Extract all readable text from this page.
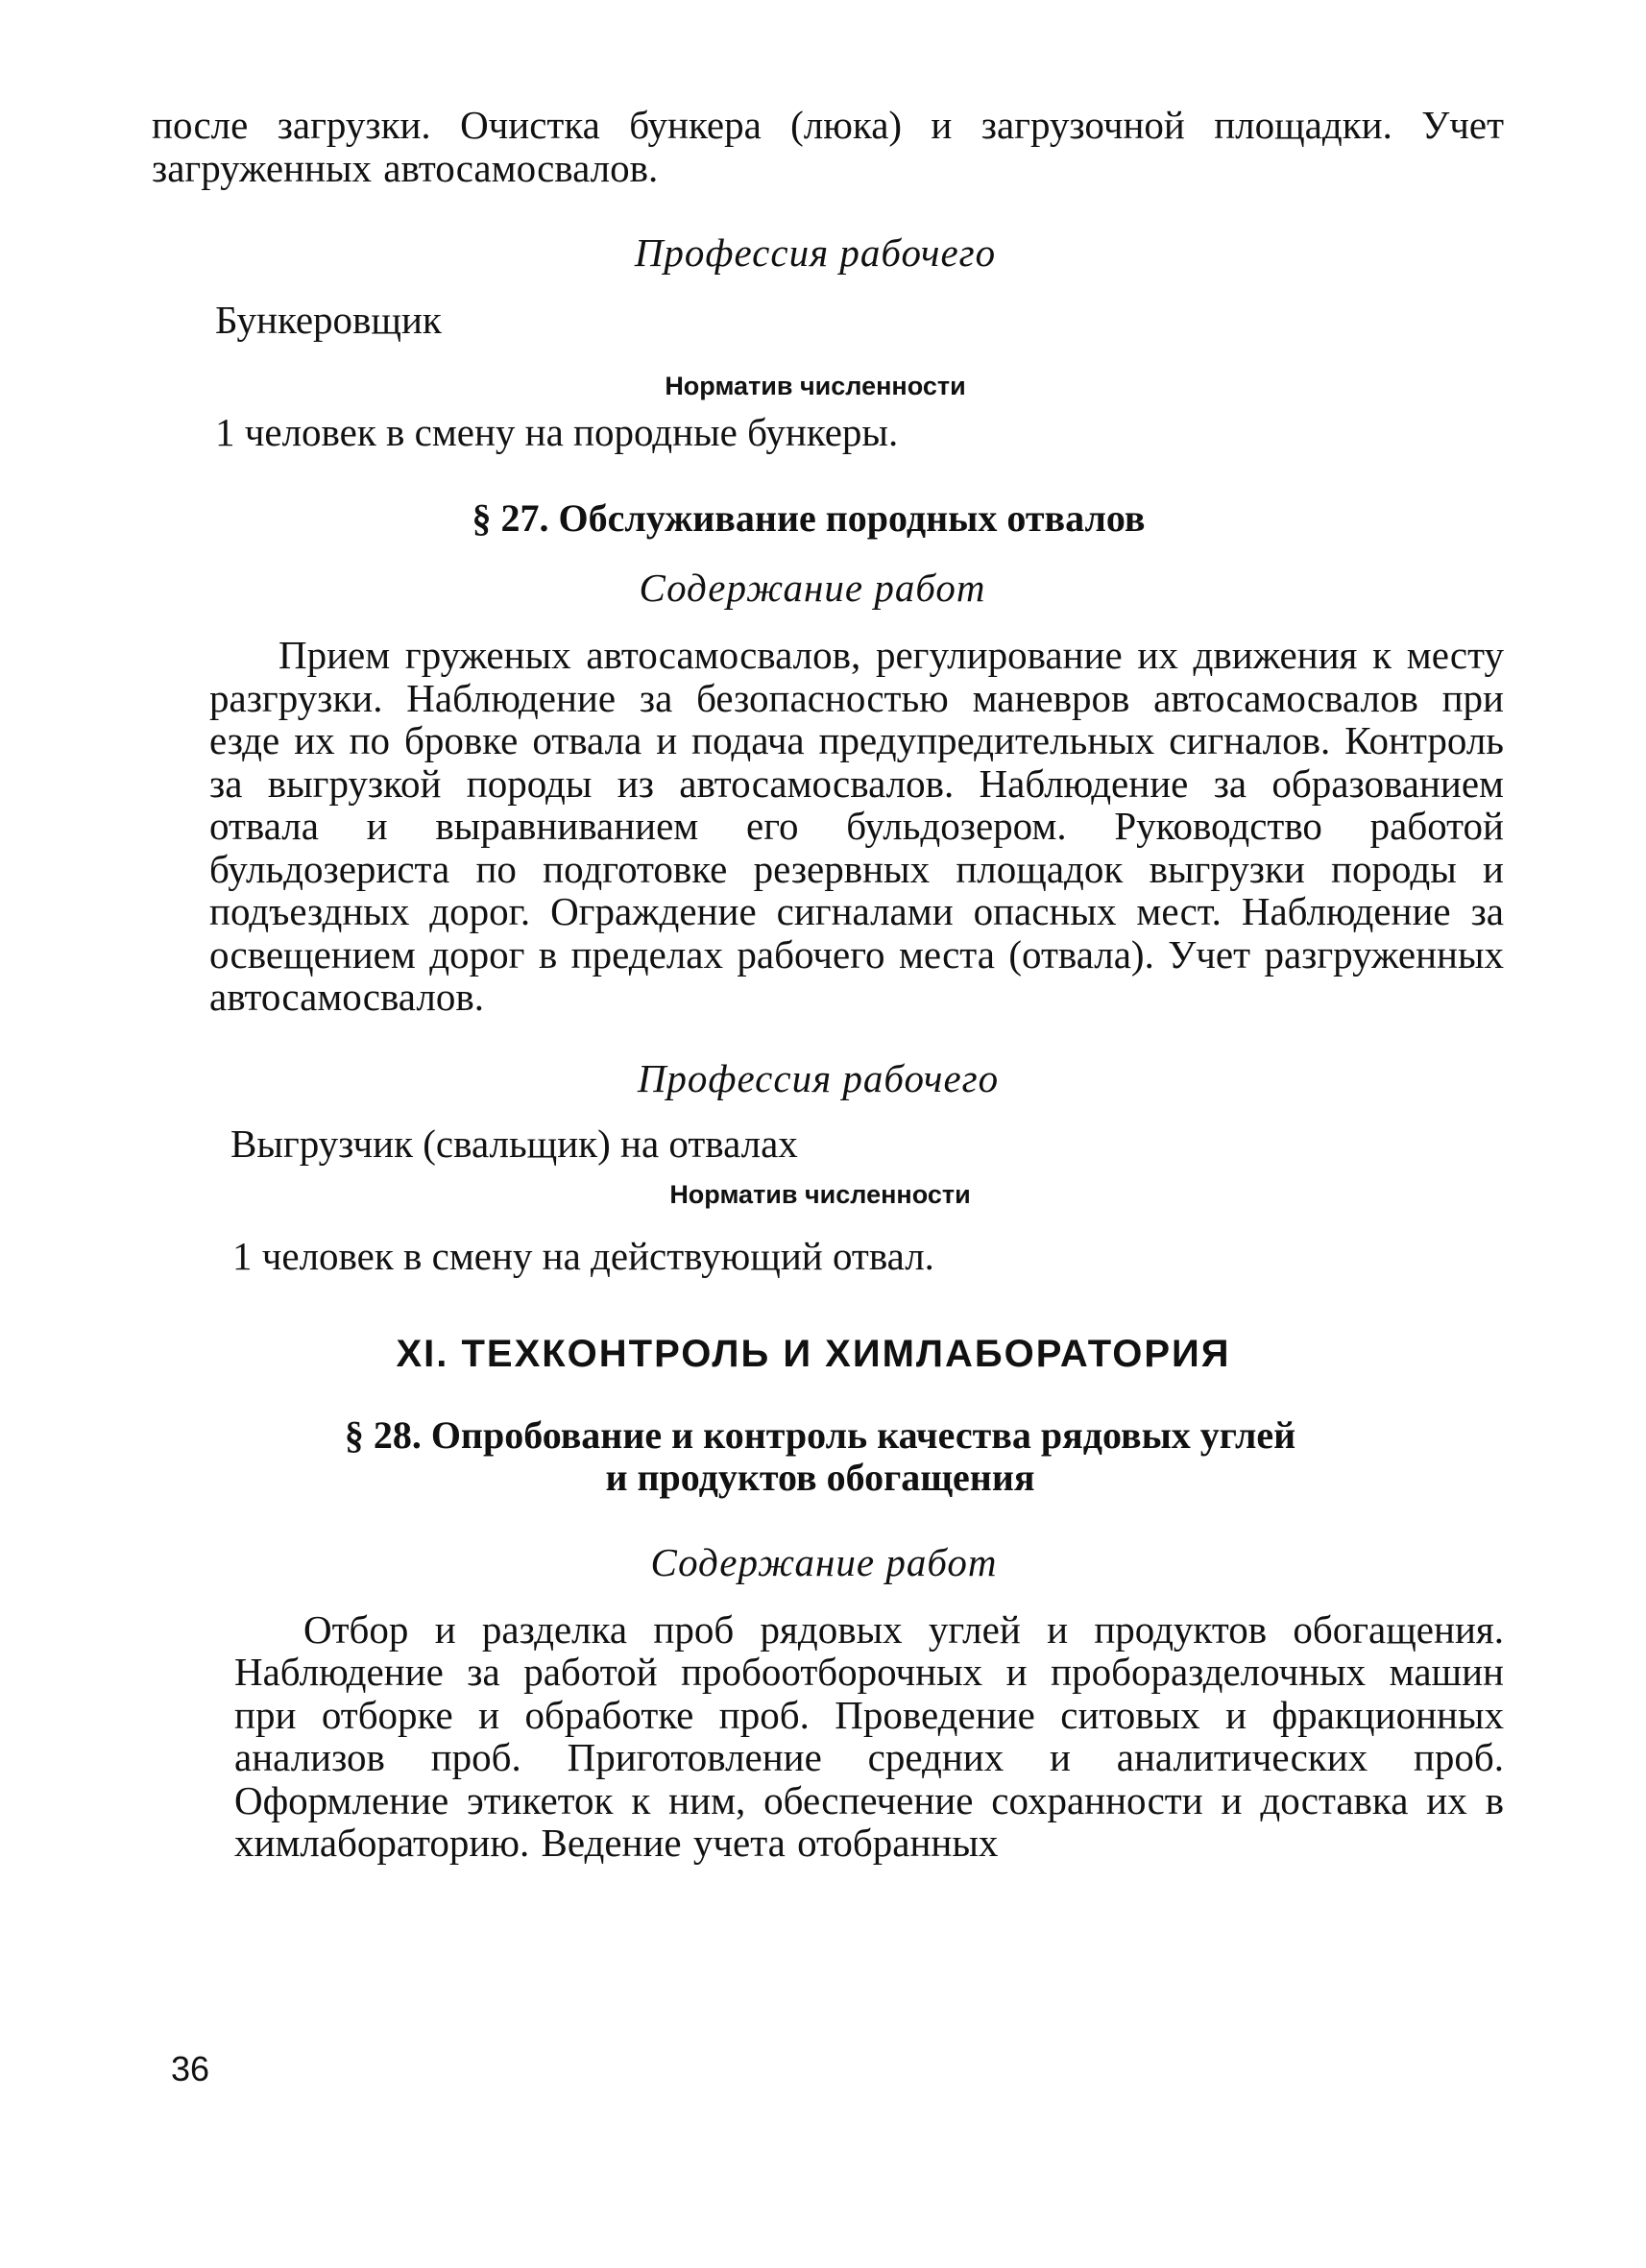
после загрузки. Очистка бункера (люка) и загрузочной площадки. Учет загруженных автосамосвалов.

Профессия рабочего

Бункеровщик

Норматив численности

1 человек в смену на породные бункеры.

§ 27. Обслуживание породных отвалов

Содержание работ

Прием груженых автосамосвалов, регулирование их движения к месту разгрузки. Наблюдение за безопасностью маневров автосамосвалов при езде их по бровке отвала и подача предупредительных сигналов. Контроль за выгрузкой породы из автосамосвалов. Наблюдение за образованием отвала и выравниванием его бульдозером. Руководство работой бульдозериста по подготовке резервных площадок выгрузки породы и подъездных дорог. Ограждение сигналами опасных мест. Наблюдение за освещением дорог в пределах рабочего места (отвала). Учет разгруженных автосамосвалов.

Профессия рабочего

Выгрузчик (свальщик) на отвалах

Норматив численности

1 человек в смену на действующий отвал.

XI. ТЕХКОНТРОЛЬ И ХИМЛАБОРАТОРИЯ

§ 28. Опробование и контроль качества рядовых углей

и продуктов обогащения

Содержание работ

Отбор и разделка проб рядовых углей и продуктов обогащения. Наблюдение за работой пробоотборочных и проборазделочных машин при отборке и обработке проб. Проведение ситовых и фракционных анализов проб. Приготовление средних и аналитических проб. Оформление этикеток к ним, обеспечение сохранности и доставка их в химлабораторию. Ведение учета отобранных

36
